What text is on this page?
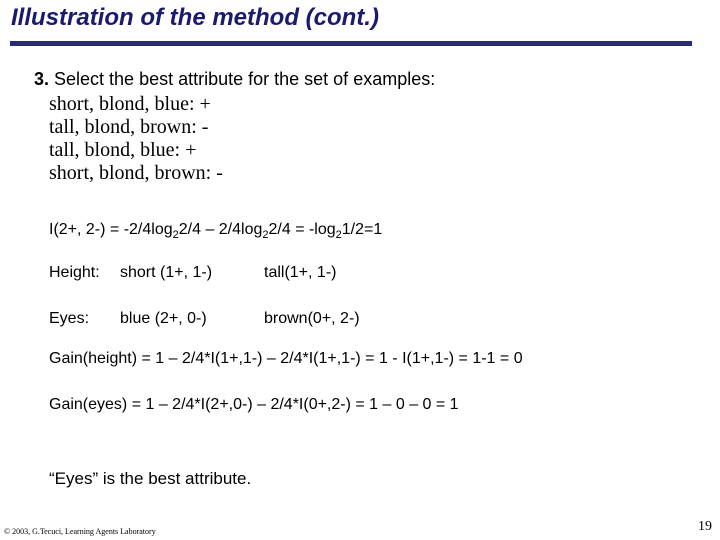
Illustration of the method (cont.)
3. Select the best attribute for the set of examples:
short, blond, blue: +
tall, blond, brown: -
tall, blond, blue: +
short, blond, brown: -
I(2+, $2-) = -2/4\log_22/4 - 2/4\log_22/4 = -\log_21/2=1$
Height: short (1+, 1-)	tall(1+, 1-)
Eyes: blue (2+, 0-)	brown(0+, 2-)
Gain(height) = 1 – 2/4*I(1+,1-) – 2/4*I(1+,1-) = 1 - I(1+,1-) = 1-1 = 0
Gain(eyes) = 1 – 2/4*I(2+,0-) – 2/4*I(0+,2-) = 1 – 0 – 0 = 1
“Eyes” is the best attribute.
© 2003, G.Tecuci, Learning Agents Laboratory	19
